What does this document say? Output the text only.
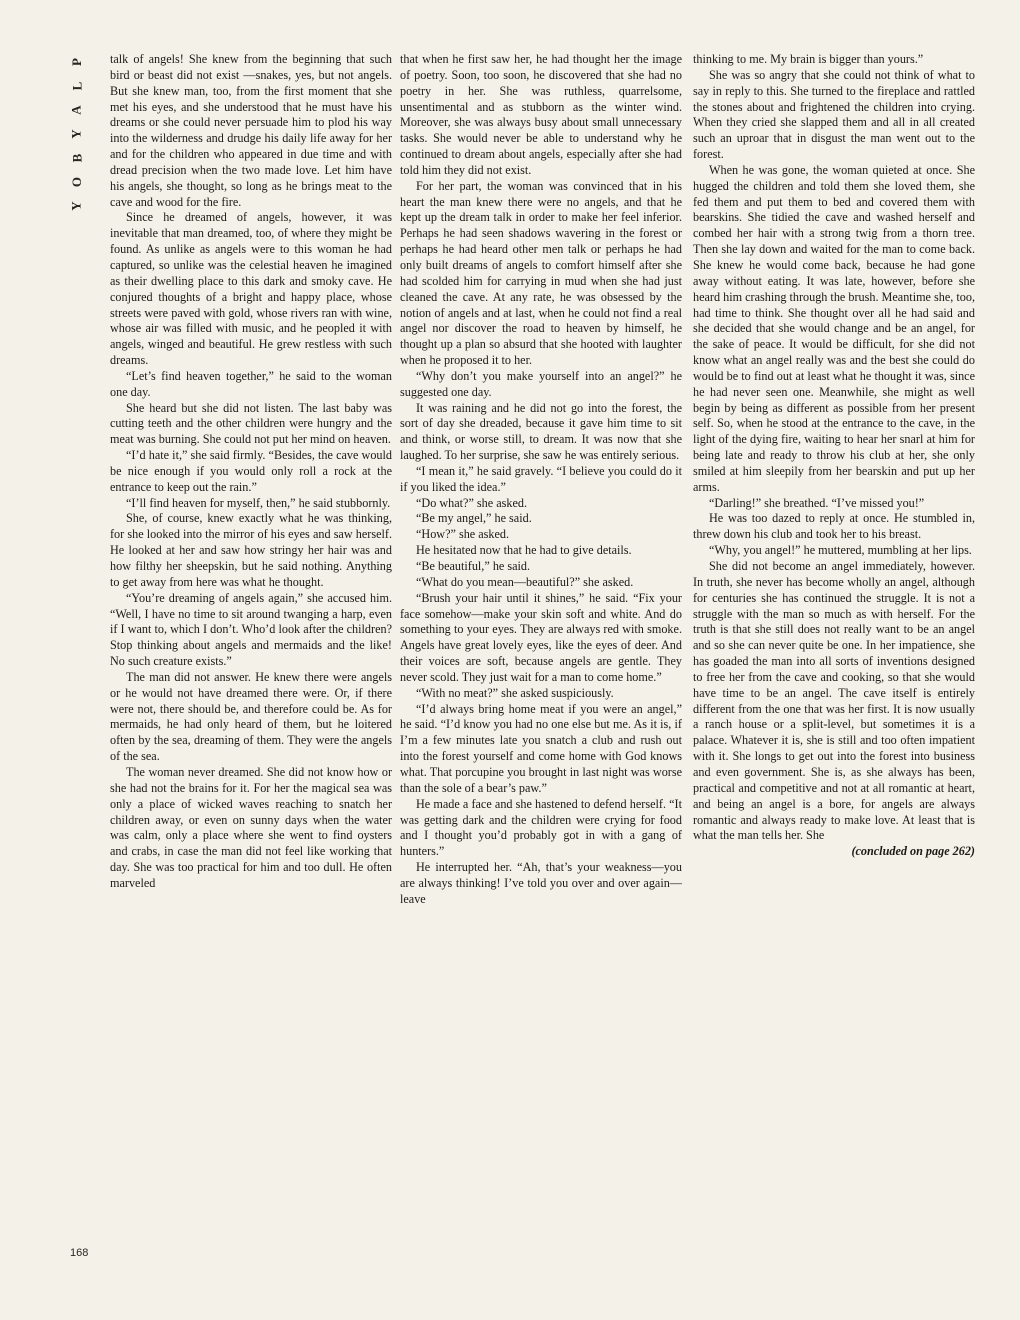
P
L
A
Y
B
O
Y
168

talk of angels! She knew from the beginning that such bird or beast did not exist —snakes, yes, but not angels. But she knew man, too, from the first moment that she met his eyes, and she understood that he must have his dreams or she could never persuade him to plod his way into the wilderness and drudge his daily life away for her and for the children who appeared in due time and with dread precision when the two made love. Let him have his angels, she thought, so long as he brings meat to the cave and wood for the fire.

Since he dreamed of angels, however, it was inevitable that man dreamed, too, of where they might be found. As unlike as angels were to this woman he had captured, so unlike was the celestial heaven he imagined as their dwelling place to this dark and smoky cave. He conjured thoughts of a bright and happy place, whose streets were paved with gold, whose rivers ran with wine, whose air was filled with music, and he peopled it with angels, winged and beautiful. He grew restless with such dreams.

“Let’s find heaven together,” he said to the woman one day.

She heard but she did not listen. The last baby was cutting teeth and the other children were hungry and the meat was burning. She could not put her mind on heaven.

“I’d hate it,” she said firmly. “Besides, the cave would be nice enough if you would only roll a rock at the entrance to keep out the rain.”

“I’ll find heaven for myself, then,” he said stubbornly.

She, of course, knew exactly what he was thinking, for she looked into the mirror of his eyes and saw herself. He looked at her and saw how stringy her hair was and how filthy her sheepskin, but he said nothing. Anything to get away from here was what he thought.

“You’re dreaming of angels again,” she accused him. “Well, I have no time to sit around twanging a harp, even if I want to, which I don’t. Who’d look after the children? Stop thinking about angels and mermaids and the like! No such creature exists.”

The man did not answer. He knew there were angels or he would not have dreamed there were. Or, if there were not, there should be, and therefore could be. As for mermaids, he had only heard of them, but he loitered often by the sea, dreaming of them. They were the angels of the sea.

The woman never dreamed. She did not know how or she had not the brains for it. For her the magical sea was only a place of wicked waves reaching to snatch her children away, or even on sunny days when the water was calm, only a place where she went to find oysters and crabs, in case the man did not feel like working that day. She was too practical for him and too dull. He often marveled

that when he first saw her, he had thought her the image of poetry. Soon, too soon, he discovered that she had no poetry in her. She was ruthless, quarrelsome, unsentimental and as stubborn as the winter wind. Moreover, she was always busy about small unnecessary tasks. She would never be able to understand why he continued to dream about angels, especially after she had told him they did not exist.

For her part, the woman was convinced that in his heart the man knew there were no angels, and that he kept up the dream talk in order to make her feel inferior. Perhaps he had seen shadows wavering in the forest or perhaps he had heard other men talk or perhaps he had only built dreams of angels to comfort himself after she had scolded him for carrying in mud when she had just cleaned the cave. At any rate, he was obsessed by the notion of angels and at last, when he could not find a real angel nor discover the road to heaven by himself, he thought up a plan so absurd that she hooted with laughter when he proposed it to her.

“Why don’t you make yourself into an angel?” he suggested one day.

It was raining and he did not go into the forest, the sort of day she dreaded, because it gave him time to sit and think, or worse still, to dream. It was now that she laughed. To her surprise, she saw he was entirely serious.

“I mean it,” he said gravely. “I believe you could do it if you liked the idea.”

“Do what?” she asked.

“Be my angel,” he said.

“How?” she asked.

He hesitated now that he had to give details.

“Be beautiful,” he said.

“What do you mean—beautiful?” she asked.

“Brush your hair until it shines,” he said. “Fix your face somehow—make your skin soft and white. And do something to your eyes. They are always red with smoke. Angels have great lovely eyes, like the eyes of deer. And their voices are soft, because angels are gentle. They never scold. They just wait for a man to come home.”

“With no meat?” she asked suspiciously.

“I’d always bring home meat if you were an angel,” he said. “I’d know you had no one else but me. As it is, if I’m a few minutes late you snatch a club and rush out into the forest yourself and come home with God knows what. That porcupine you brought in last night was worse than the sole of a bear’s paw.”

He made a face and she hastened to defend herself. “It was getting dark and the children were crying for food and I thought you’d probably got in with a gang of hunters.”

He interrupted her. “Ah, that’s your weakness—you are always thinking! I’ve told you over and over again—leave

thinking to me. My brain is bigger than yours.”

She was so angry that she could not think of what to say in reply to this. She turned to the fireplace and rattled the stones about and frightened the children into crying. When they cried she slapped them and all in all created such an uproar that in disgust the man went out to the forest.

When he was gone, the woman quieted at once. She hugged the children and told them she loved them, she fed them and put them to bed and covered them with bearskins. She tidied the cave and washed herself and combed her hair with a strong twig from a thorn tree. Then she lay down and waited for the man to come back. She knew he would come back, because he had gone away without eating. It was late, however, before she heard him crashing through the brush. Meantime she, too, had time to think. She thought over all he had said and she decided that she would change and be an angel, for the sake of peace. It would be difficult, for she did not know what an angel really was and the best she could do would be to find out at least what he thought it was, since he had never seen one. Meanwhile, she might as well begin by being as different as possible from her present self. So, when he stood at the entrance to the cave, in the light of the dying fire, waiting to hear her snarl at him for being late and ready to throw his club at her, she only smiled at him sleepily from her bearskin and put up her arms.

“Darling!” she breathed. “I’ve missed you!”

He was too dazed to reply at once. He stumbled in, threw down his club and took her to his breast.

“Why, you angel!” he muttered, mumbling at her lips.

She did not become an angel immediately, however. In truth, she never has become wholly an angel, although for centuries she has continued the struggle. It is not a struggle with the man so much as with herself. For the truth is that she still does not really want to be an angel and so she can never quite be one. In her impatience, she has goaded the man into all sorts of inventions designed to free her from the cave and cooking, so that she would have time to be an angel. The cave itself is entirely different from the one that was her first. It is now usually a ranch house or a split-level, but sometimes it is a palace. Whatever it is, she is still and too often impatient with it. She longs to get out into the forest into business and even government. She is, as she always has been, practical and competitive and not at all romantic at heart, and being an angel is a bore, for angels are always romantic and always ready to make love. At least that is what the man tells her. She

(concluded on page 262)
